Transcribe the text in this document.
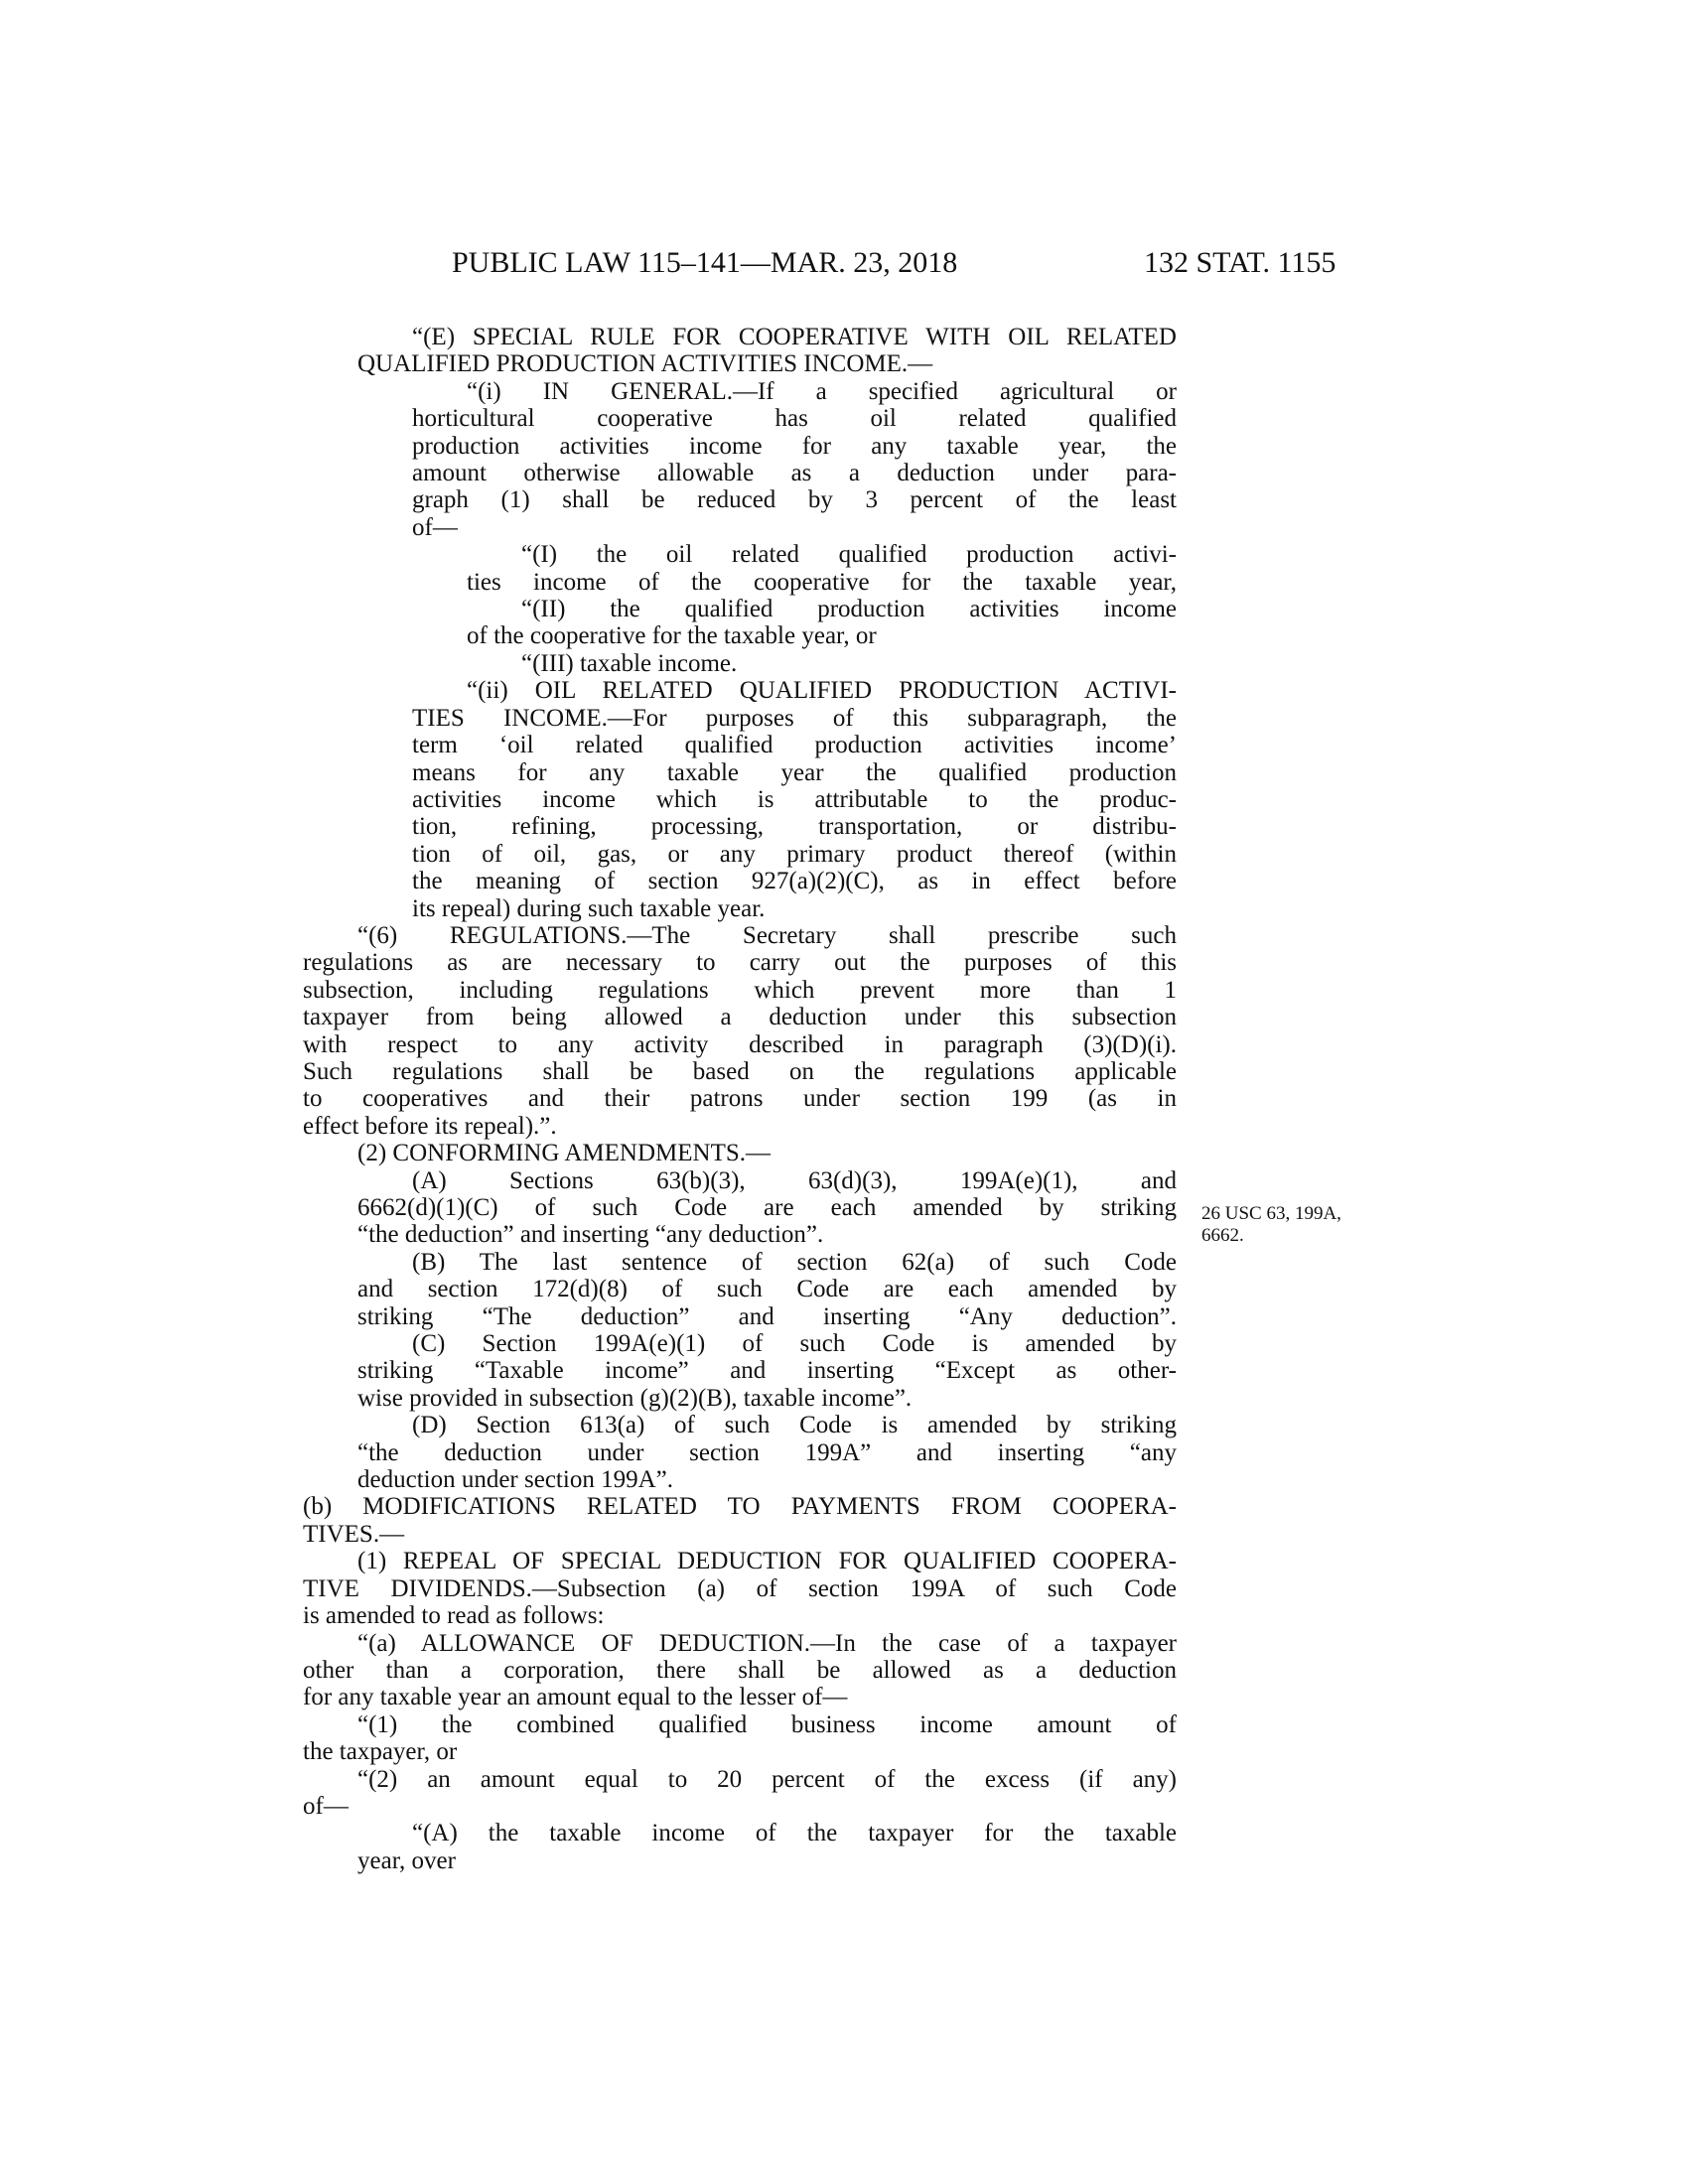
PUBLIC LAW 115–141—MAR. 23, 2018	132 STAT. 1155
26 USC 63, 199A,
6662.
“(E) SPECIAL RULE FOR COOPERATIVE WITH OIL RELATED
QUALIFIED PRODUCTION ACTIVITIES INCOME.—
“(i) IN GENERAL.—If a specified agricultural or
horticultural cooperative has oil related qualified
production activities income for any taxable year, the
amount otherwise allowable as a deduction under para-
graph (1) shall be reduced by 3 percent of the least
of—
“(I) the oil related qualified production activi-
ties income of the cooperative for the taxable year,
“(II) the qualified production activities income
of the cooperative for the taxable year, or
“(III) taxable income.
“(ii) OIL RELATED QUALIFIED PRODUCTION ACTIVI-
TIES INCOME.—For purposes of this subparagraph, the
term ‘oil related qualified production activities income’
means for any taxable year the qualified production
activities income which is attributable to the produc-
tion, refining, processing, transportation, or distribu-
tion of oil, gas, or any primary product thereof (within
the meaning of section 927(a)(2)(C), as in effect before
its repeal) during such taxable year.
“(6) REGULATIONS.—The Secretary shall prescribe such
regulations as are necessary to carry out the purposes of this
subsection, including regulations which prevent more than 1
taxpayer from being allowed a deduction under this subsection
with respect to any activity described in paragraph (3)(D)(i).
Such regulations shall be based on the regulations applicable
to cooperatives and their patrons under section 199 (as in
effect before its repeal).”.
(2) CONFORMING AMENDMENTS.—
(A) Sections 63(b)(3), 63(d)(3), 199A(e)(1), and
6662(d)(1)(C) of such Code are each amended by striking
“the deduction” and inserting “any deduction”.
(B) The last sentence of section 62(a) of such Code
and section 172(d)(8) of such Code are each amended by
striking “The deduction” and inserting “Any deduction”.
(C) Section 199A(e)(1) of such Code is amended by
striking “Taxable income” and inserting “Except as other-
wise provided in subsection (g)(2)(B), taxable income”.
(D) Section 613(a) of such Code is amended by striking
“the deduction under section 199A” and inserting “any
deduction under section 199A”.
(b) MODIFICATIONS RELATED TO PAYMENTS FROM COOPERA-
TIVES.—
(1) REPEAL OF SPECIAL DEDUCTION FOR QUALIFIED COOPERA-
TIVE DIVIDENDS.—Subsection (a) of section 199A of such Code
is amended to read as follows:
“(a) ALLOWANCE OF DEDUCTION.—In the case of a taxpayer
other than a corporation, there shall be allowed as a deduction
for any taxable year an amount equal to the lesser of—
“(1) the combined qualified business income amount of
the taxpayer, or
“(2) an amount equal to 20 percent of the excess (if any)
of—
“(A) the taxable income of the taxpayer for the taxable
year, over
